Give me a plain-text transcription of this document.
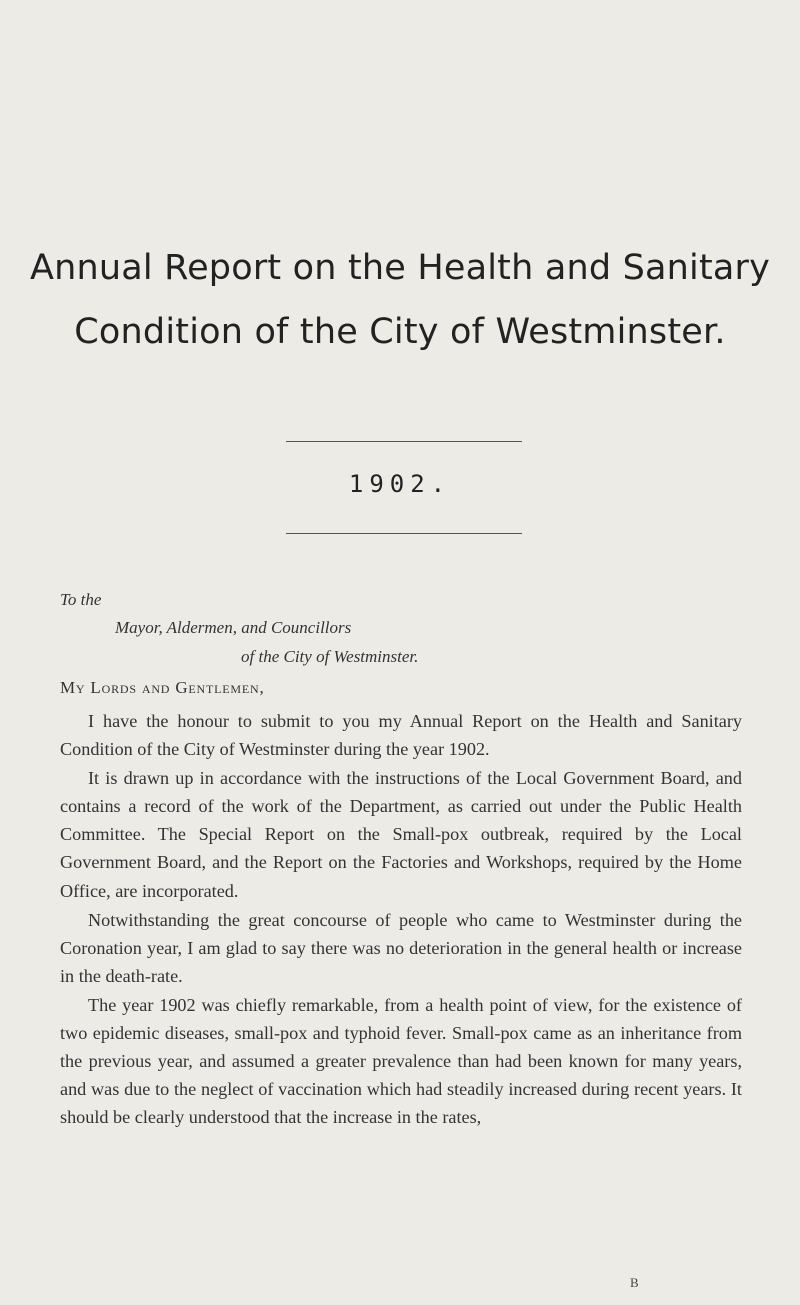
Annual Report on the Health and Sanitary
Condition of the City of Westminster.
1902.
To the
Mayor, Aldermen, and Councillors
of the City of Westminster.
My Lords and Gentlemen,

I have the honour to submit to you my Annual Report on the Health and Sanitary Condition of the City of Westminster during the year 1902.

It is drawn up in accordance with the instructions of the Local Government Board, and contains a record of the work of the Department, as carried out under the Public Health Committee. The Special Report on the Small-pox outbreak, required by the Local Government Board, and the Report on the Factories and Workshops, required by the Home Office, are incorporated.

Notwithstanding the great concourse of people who came to Westminster during the Coronation year, I am glad to say there was no deterioration in the general health or increase in the death-rate.

The year 1902 was chiefly remarkable, from a health point of view, for the existence of two epidemic diseases, small-pox and typhoid fever. Small-pox came as an inheritance from the previous year, and assumed a greater prevalence than had been known for many years, and was due to the neglect of vaccination which had steadily increased during recent years. It should be clearly understood that the increase in the rates,

B
